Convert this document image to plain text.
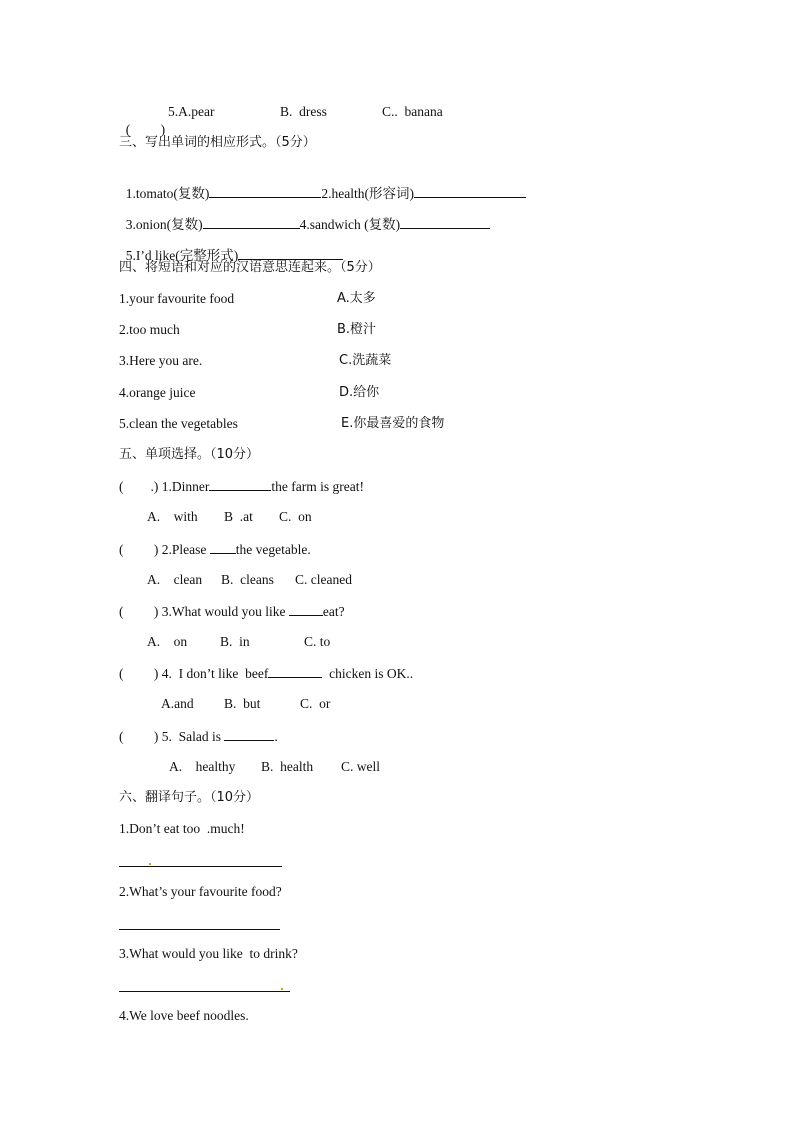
(　 　)

5.A.pear	B.  dress	C..  banana
三、写出单词的相应形式。（5分）

1.tomato(复数)	2.health(形容词)

3.onion(复数)	4.sandwich (复数)

5.I’d like(完整形式)

四、将短语和对应的汉语意思连起来。（5分）
1.your favourite food	A.太多
2.too much	B.橙汁
3.Here you are.	C.洗蔬菜
4.orange juice	D.给你
5.clean the vegetables	E.你最喜爱的食物
五、单项选择。（10分）
(　　.) 1.Dinner	the farm is great!
A.    with B  .at C.  on
(　 　) 2.Please the vegetable.
A.    clean B.  cleans C. cleaned
(　 　) 3.What would you like	eat?
A.    on B.  in	C. to
(　 　) 4.  I don’t like  beef	chicken is OK..
A.and B.  but	C.  or
(　 　) 5.  Salad is	.
A.    healthy B.  health C. well
六、翻译句子。（10分）
1.Don’t eat too  .much!
2.What’s your favourite food?
3.What would you like  to drink?
4.We love beef noodles.
